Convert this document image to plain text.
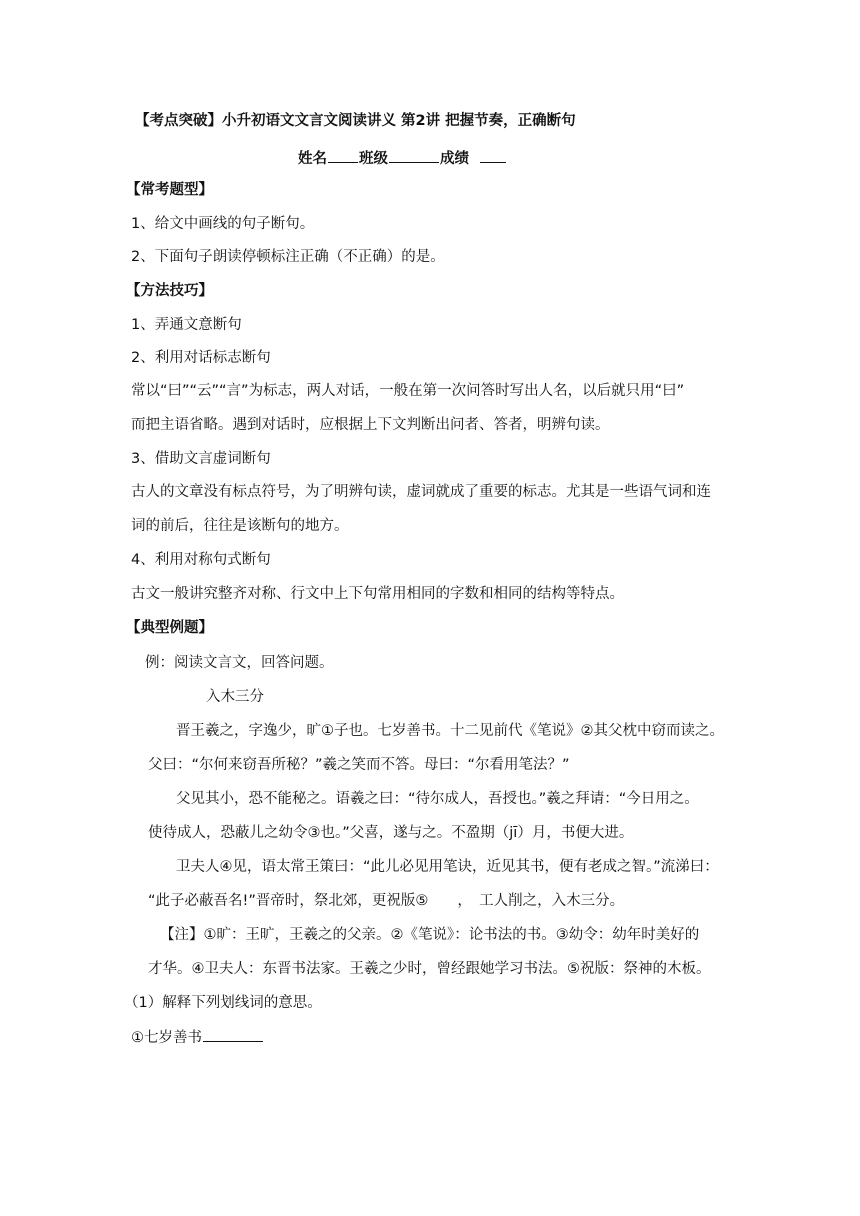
【考点突破】小升初语文文言文阅读讲义 第2讲 把握节奏，正确断句
姓名 班级	成绩
【常考题型】
1、给文中画线的句子断句。
2、下面句子朗读停顿标注正确（不正确）的是。
【方法技巧】
1、弄通文意断句
2、利用对话标志断句
常以“曰”“云”“言”为标志，两人对话，一般在第一次问答时写出人名，以后就只用“曰”
而把主语省略。遇到对话时，应根据上下文判断出问者、答者，明辨句读。
3、借助文言虚词断句
古人的文章没有标点符号，为了明辨句读，虚词就成了重要的标志。尤其是一些语气词和连
词的前后，往往是该断句的地方。
4、利用对称句式断句
古文一般讲究整齐对称、行文中上下句常用相同的字数和相同的结构等特点。
【典型例题】
例：阅读文言文，回答问题。
入木三分
晋王羲之，字逸少，旷①子也。七岁善书。十二见前代《笔说》②其父枕中窃而读之。
父曰：“尔何来窃吾所秘？”羲之笑而不答。母曰：“尔看用笔法？”
父见其小，恐不能秘之。语羲之曰：“待尔成人，吾授也。”羲之拜请：“今日用之。
使待成人，恐蔽儿之幼令③也。”父喜，遂与之。不盈期（jī）月，书便大进。
卫夫人④见，语太常王策曰：“此儿必见用笔诀，近见其书，便有老成之智。”流涕曰：
“此子必蔽吾名!”晋帝时，祭北郊，更祝版⑤　　，　工人削之，入木三分。
【注】①旷：王旷，王羲之的父亲。②《笔说》：论书法的书。③幼令：幼年时美好的
才华。④卫夫人：东晋书法家。王羲之少时，曾经跟她学习书法。⑤祝版：祭神的木板。
（1）解释下列划线词的意思。
①七岁善书
